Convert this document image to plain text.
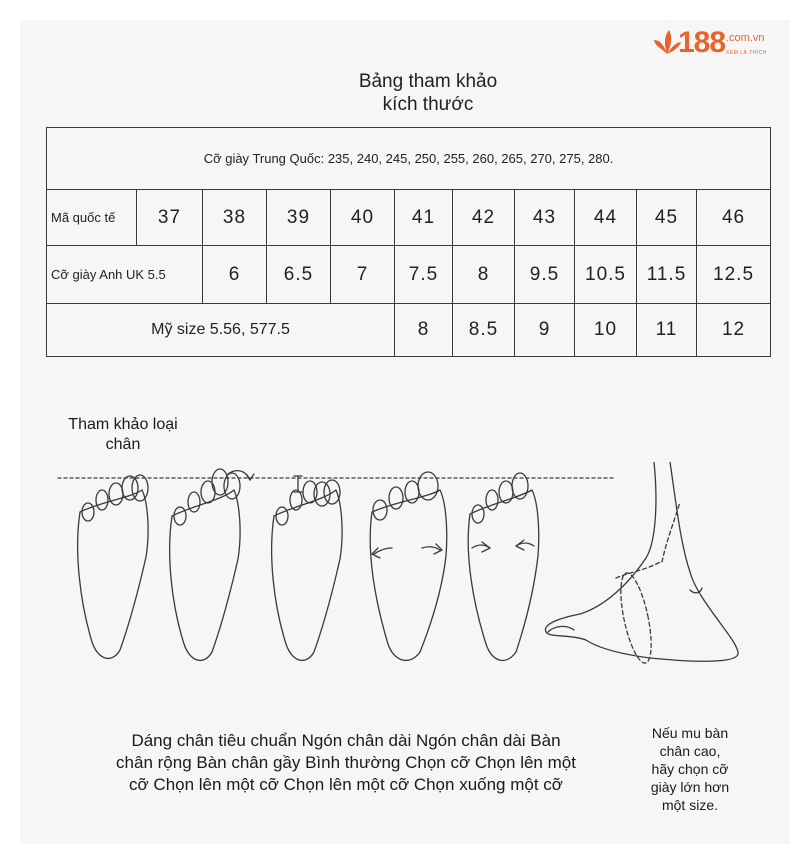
188 .com.vn
XEM LÀ THÍCH
Bảng tham khảo
kích thước
Cỡ giày Trung Quốc: 235, 240, 245, 250, 255, 260, 265, 270, 275, 280.										
Mã quốc tế	37	38	39	40	41	42	43	44	45	46
Cỡ giày Anh UK 5.5		6	6.5	7	7.5	8	9.5	10.5	11.5	12.5
Mỹ size 5.56, 577.5					8	8.5	9	10	11	12
Tham khảo loại
chân
Dáng chân tiêu chuẩn Ngón chân dài Ngón chân dài Bàn
chân rộng Bàn chân gầy Bình thường Chọn cỡ Chọn lên một
cỡ Chọn lên một cỡ Chọn lên một cỡ Chọn xuống một cỡ
Nếu mu bàn
chân cao,
hãy chọn cỡ
giày lớn hơn
một size.
